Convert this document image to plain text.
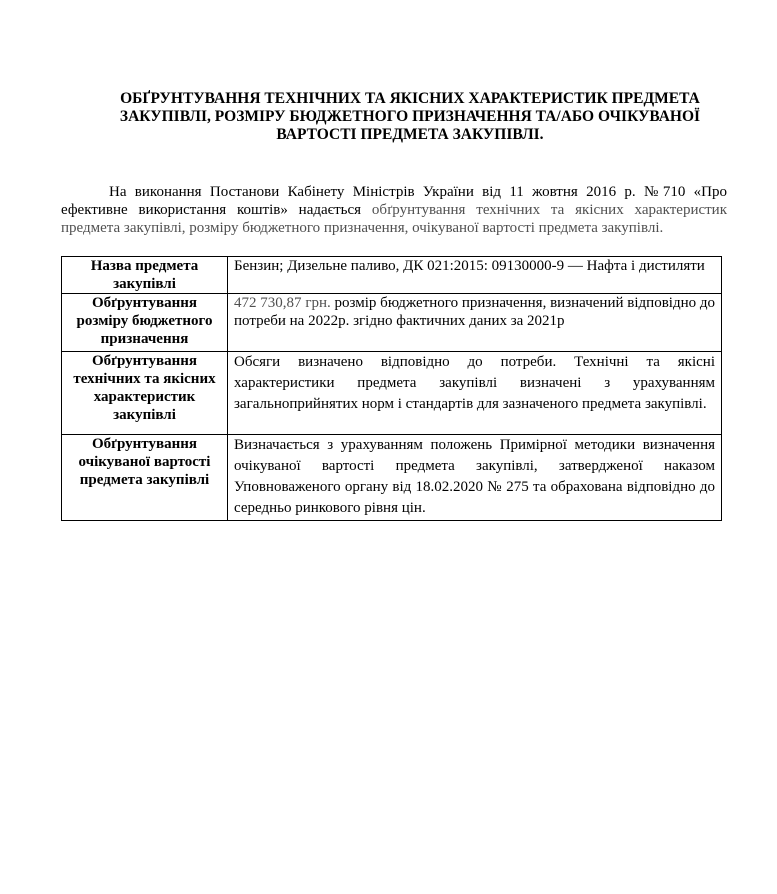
ОБҐРУНТУВАННЯ ТЕХНІЧНИХ ТА ЯКІСНИХ ХАРАКТЕРИСТИК ПРЕДМЕТА
ЗАКУПІВЛІ, РОЗМІРУ БЮДЖЕТНОГО ПРИЗНАЧЕННЯ ТА/АБО ОЧІКУВАНОЇ
ВАРТОСТІ ПРЕДМЕТА ЗАКУПІВЛІ.
На виконання Постанови Кабінету Міністрів України від 11 жовтня 2016 р. №710 «Про ефективне використання коштів» надається обґрунтування технічних та якісних характеристик предмета закупівлі, розміру бюджетного призначення, очікуваної вартості предмета закупівлі.
Назва предмета закупівлі	Бензин; Дизельне паливо, ДК 021:2015: 09130000-9 — Нафта і дистиляти
Обґрунтування розміру бюджетного призначення	472 730,87 грн. розмір бюджетного призначення, визначений відповідно до потреби на 2022р. згідно фактичних даних за 2021р
Обґрунтування технічних та якісних характеристик закупівлі	Обсяги визначено відповідно до потреби. Технічні та якісні характеристики предмета закупівлі визначені з урахуванням загальноприйнятих норм і стандартів для зазначеного предмета закупівлі.
Обґрунтування очікуваної вартості предмета закупівлі	Визначається з урахуванням положень Примірної методики визначення очікуваної вартості предмета закупівлі, затвердженої наказом Уповноваженого органу від 18.02.2020 № 275 та обрахована відповідно до середньо ринкового рівня цін.
